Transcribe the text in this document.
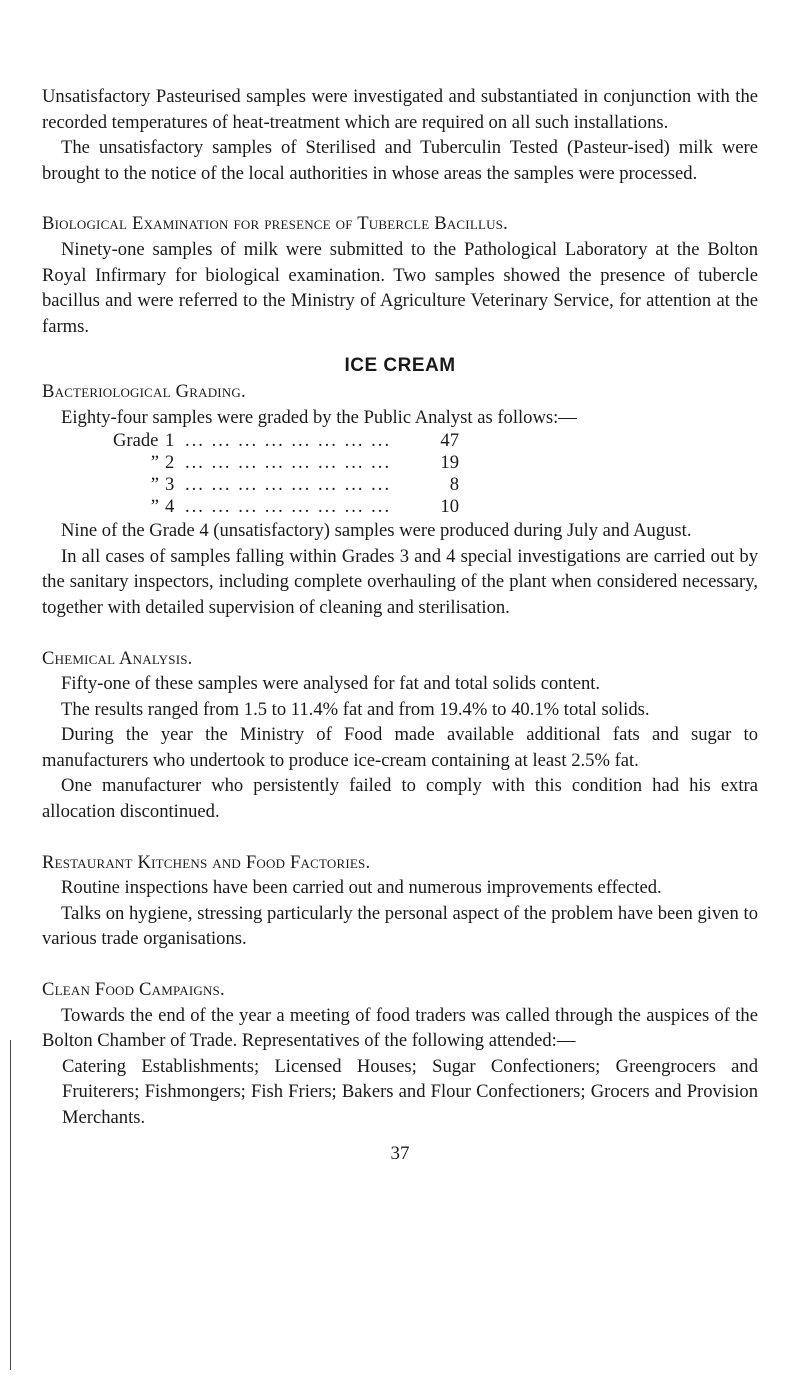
Unsatisfactory Pasteurised samples were investigated and substantiated in conjunction with the recorded temperatures of heat-treatment which are required on all such installations.

The unsatisfactory samples of Sterilised and Tuberculin Tested (Pasteur-ised) milk were brought to the notice of the local authorities in whose areas the samples were processed.

Biological Examination for presence of Tubercle Bacillus.

Ninety-one samples of milk were submitted to the Pathological Laboratory at the Bolton Royal Infirmary for biological examination. Two samples showed the presence of tubercle bacillus and were referred to the Ministry of Agriculture Veterinary Service, for attention at the farms.

ICE CREAM

Bacteriological Grading.

Eighty-four samples were graded by the Public Analyst as follows:—

Grade 1 ... ... ... ... ... ... ... ...	47
” 2 ... ... ... ... ... ... ... ...	19
” 3 ... ... ... ... ... ... ... ...	8
” 4 ... ... ... ... ... ... ... ...	10

Nine of the Grade 4 (unsatisfactory) samples were produced during July and August.

In all cases of samples falling within Grades 3 and 4 special investigations are carried out by the sanitary inspectors, including complete overhauling of the plant when considered necessary, together with detailed supervision of cleaning and sterilisation.

Chemical Analysis.

Fifty-one of these samples were analysed for fat and total solids content.

The results ranged from 1.5 to 11.4% fat and from 19.4% to 40.1% total solids.

During the year the Ministry of Food made available additional fats and sugar to manufacturers who undertook to produce ice-cream containing at least 2.5% fat.

One manufacturer who persistently failed to comply with this condition had his extra allocation discontinued.

Restaurant Kitchens and Food Factories.

Routine inspections have been carried out and numerous improvements effected.

Talks on hygiene, stressing particularly the personal aspect of the problem have been given to various trade organisations.

Clean Food Campaigns.

Towards the end of the year a meeting of food traders was called through the auspices of the Bolton Chamber of Trade. Representatives of the following attended:—

Catering Establishments; Licensed Houses; Sugar Confectioners; Greengrocers and Fruiterers; Fishmongers; Fish Friers; Bakers and Flour Confectioners; Grocers and Provision Merchants.

37
